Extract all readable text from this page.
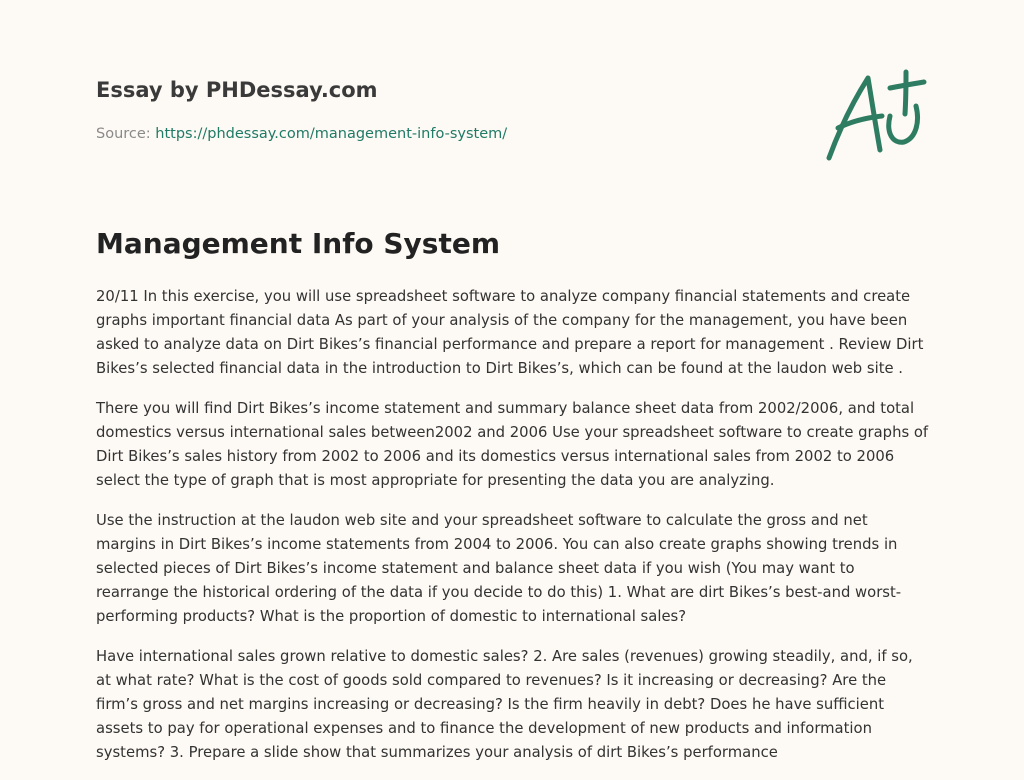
Essay by PHDessay.com
Source: https://phdessay.com/management-info-system/
Management Info System

20/11 In this exercise, you will use spreadsheet software to analyze company financial statements and create graphs important financial data As part of your analysis of the company for the management, you have been asked to analyze data on Dirt Bikes’s financial performance and prepare a report for management . Review Dirt Bikes’s selected financial data in the introduction to Dirt Bikes’s, which can be found at the laudon web site .

There you will find Dirt Bikes’s income statement and summary balance sheet data from 2002/2006, and total domestics versus international sales between2002 and 2006 Use your spreadsheet software to create graphs of Dirt Bikes’s sales history from 2002 to 2006 and its domestics versus international sales from 2002 to 2006 select the type of graph that is most appropriate for presenting the data you are analyzing.

Use the instruction at the laudon web site and your spreadsheet software to calculate the gross and net margins in Dirt Bikes’s income statements from 2004 to 2006. You can also create graphs showing trends in selected pieces of Dirt Bikes’s income statement and balance sheet data if you wish (You may want to rearrange the historical ordering of the data if you decide to do this) 1. What are dirt Bikes’s best-and worst- performing products? What is the proportion of domestic to international sales?

Have international sales grown relative to domestic sales? 2. Are sales (revenues) growing steadily, and, if so, at what rate? What is the cost of goods sold compared to revenues? Is it increasing or decreasing? Are the firm’s gross and net margins increasing or decreasing? Is the firm heavily in debt? Does he have sufficient assets to pay for operational expenses and to finance the development of new products and information systems? 3. Prepare a slide show that summarizes your analysis of dirt Bikes’s performance
